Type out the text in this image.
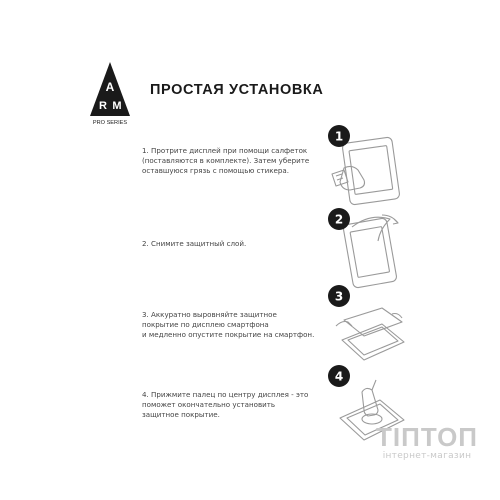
A
R M
PRO SERIES
ПРОСТАЯ УСТАНОВКА
1. Протрите дисплей при помощи салфеток
(поставляются в комплекте). Затем уберите
оставшуюся грязь с помощью стикера.
1
2. Снимите защитный слой.
2
3. Аккуратно выровняйте защитное
покрытие по дисплею смартфона
и медленно опустите покрытие на смартфон.
3
4. Прижмите палец по центру дисплея - это
поможет окончательно установить
защитное покрытие.
4
ТІПТОП
інтернет-магазин
